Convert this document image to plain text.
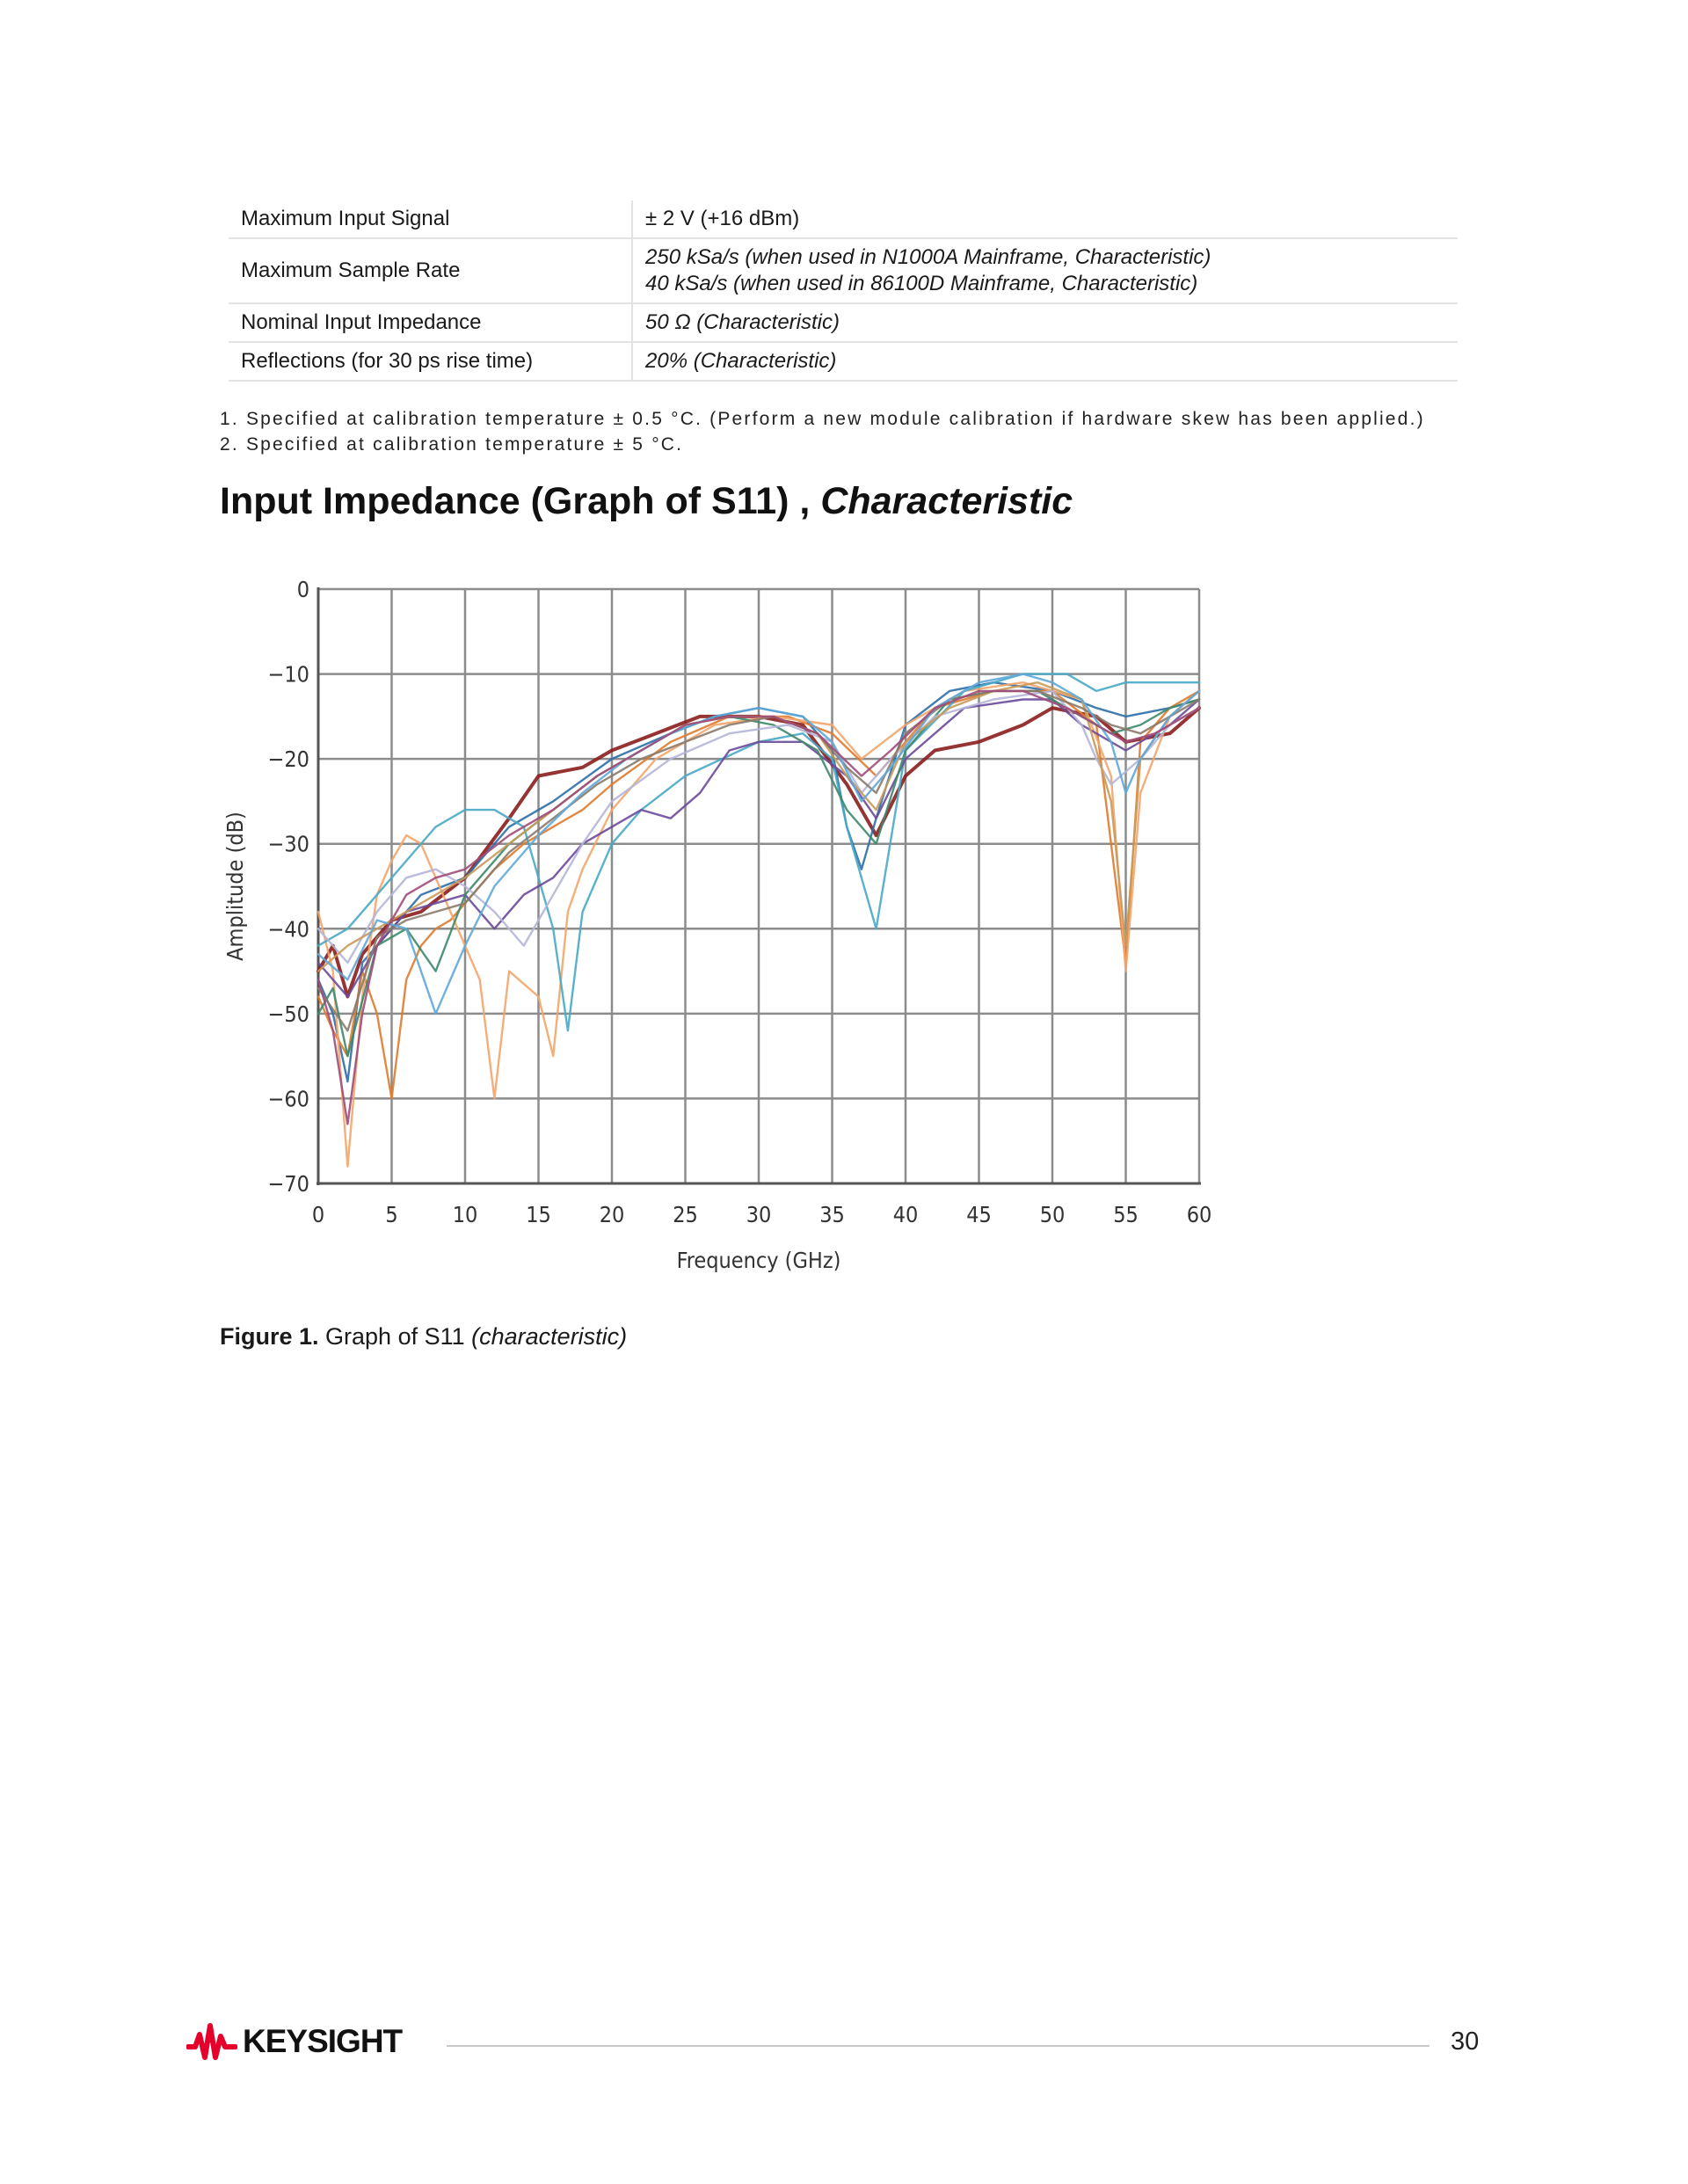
Maximum Input Signal	± 2 V (+16 dBm)

Maximum Sample Rate	250 kSa/s (when used in N1000A Mainframe, Characteristic)
40 kSa/s (when used in 86100D Mainframe, Characteristic)

Nominal Input Impedance	50 Ω (Characteristic)

Reflections (for 30 ps rise time)	20% (Characteristic)
1. Specified at calibration temperature ± 0.5 °C. (Perform a new module calibration if hardware skew has been applied.)
2. Specified at calibration temperature ± 5 °C.
Input Impedance (Graph of S11) , Characteristic
0	5 10 15 20 25 30 35 40 45 50 55 60
0
−10
−20
−30
−40
−50
−60
−70
Frequency (GHz)
Amplitude (dB)
Figure 1. Graph of S11 (characteristic)
KEYSIGHT	30
